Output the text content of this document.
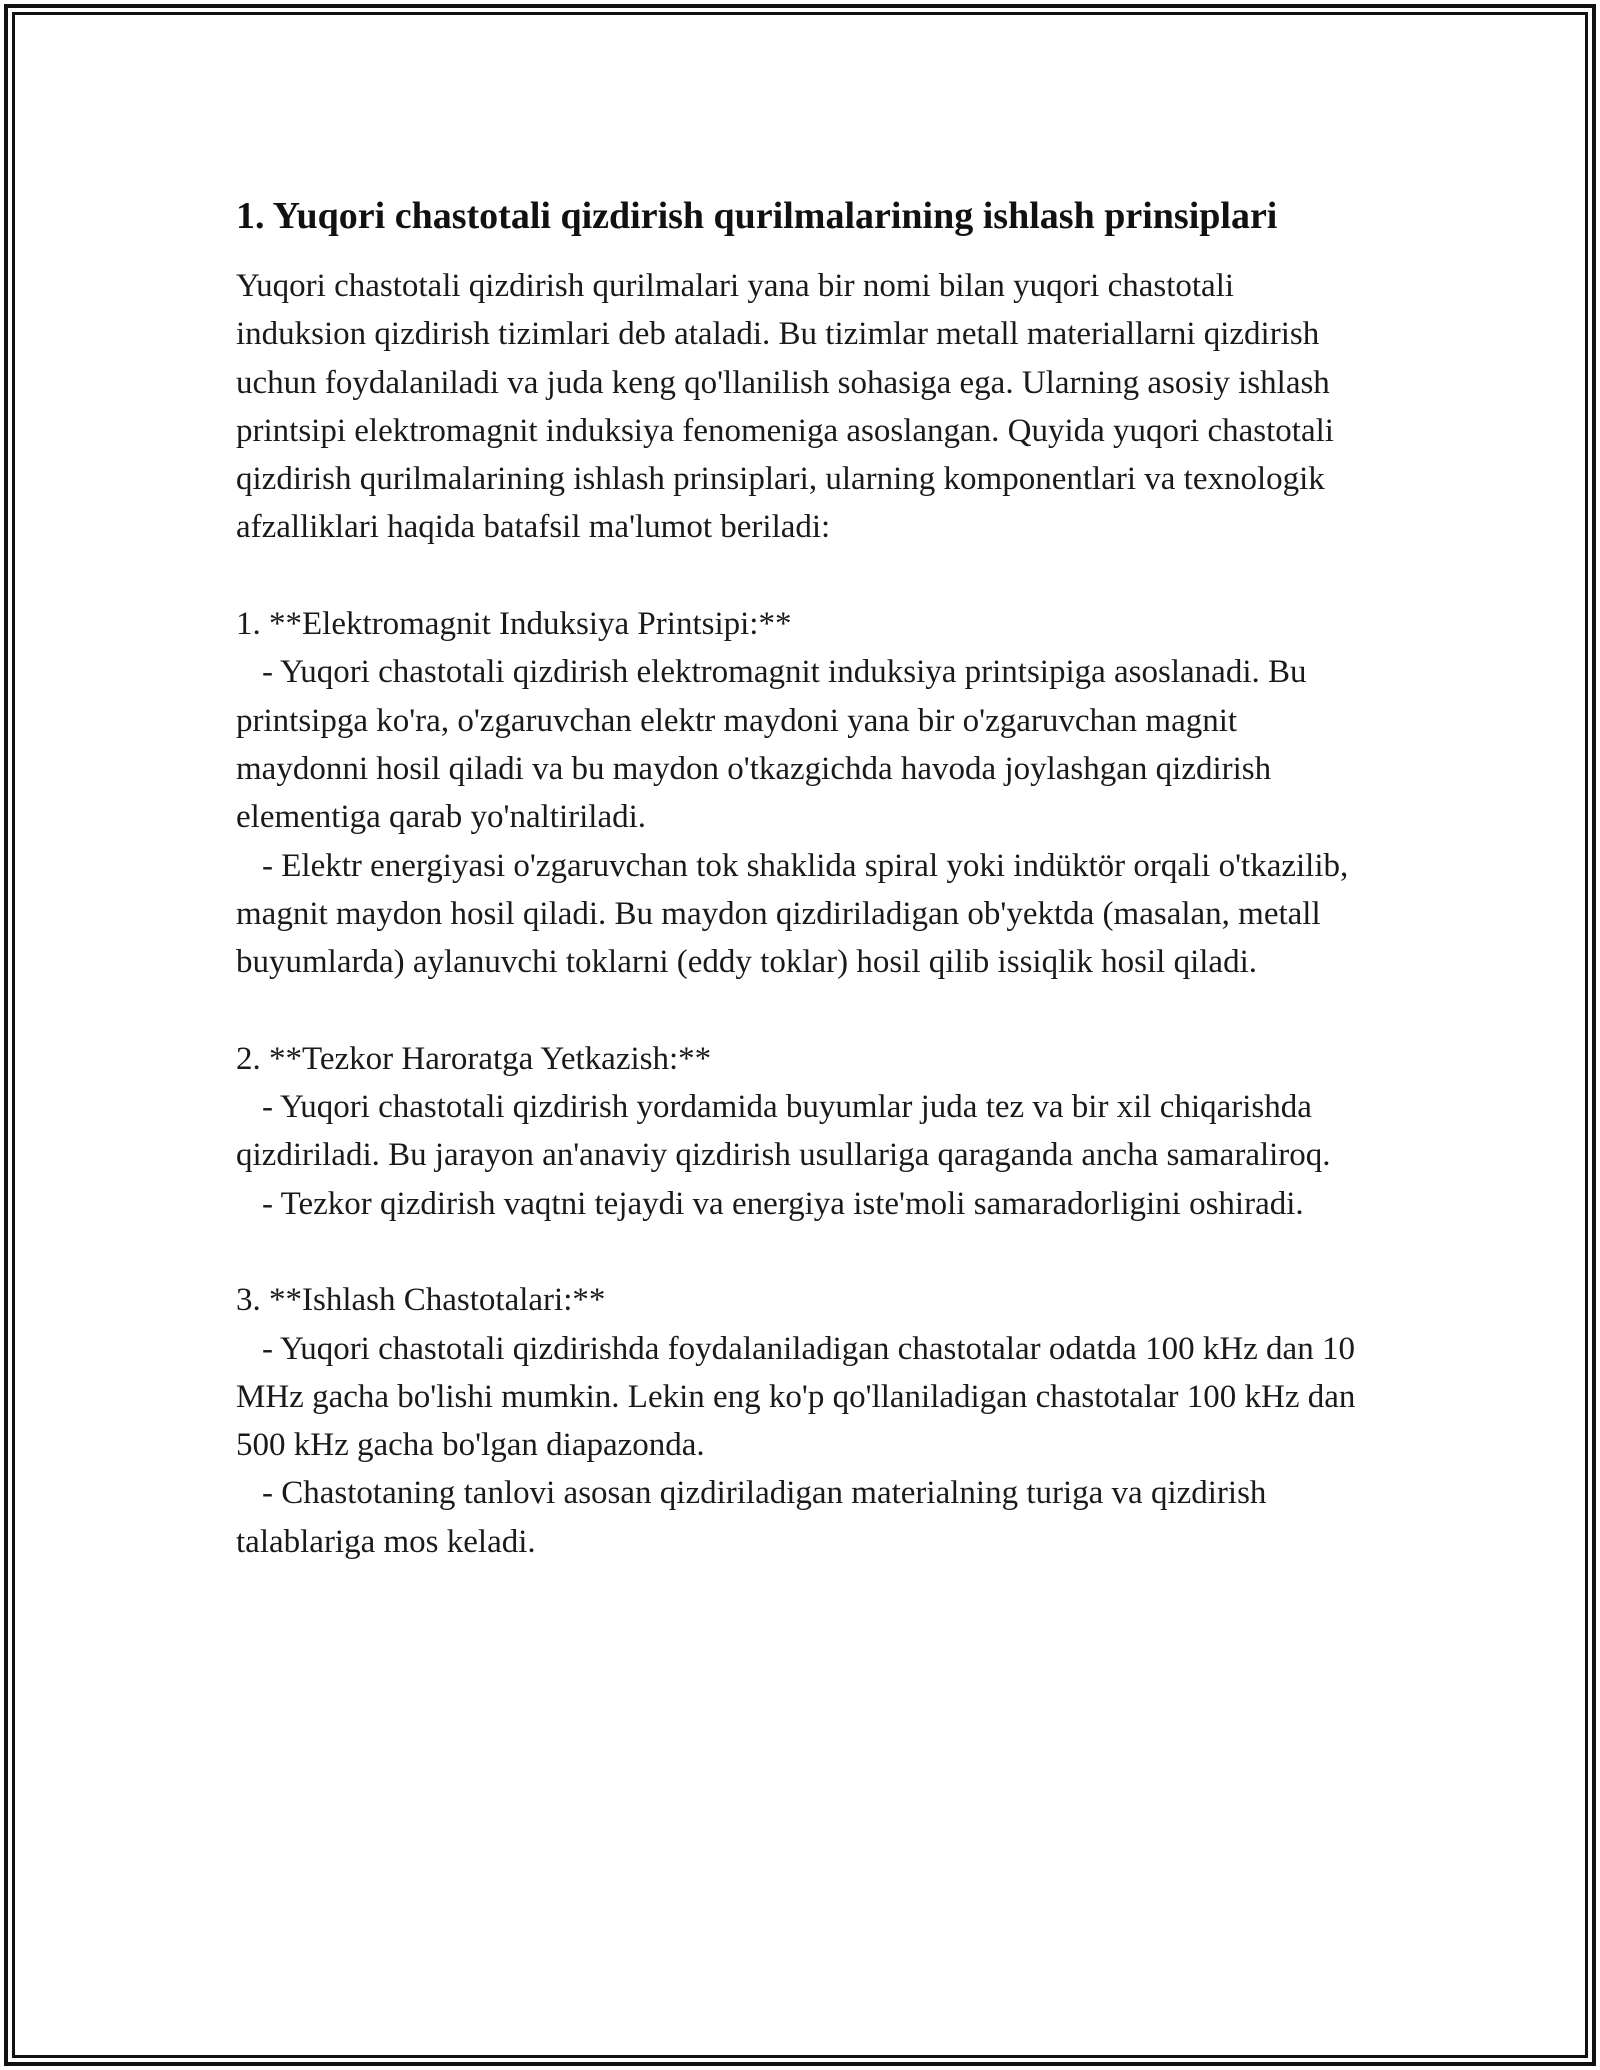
1. Yuqori chastotali qizdirish qurilmalarining ishlash prinsiplari

Yuqori chastotali qizdirish qurilmalari yana bir nomi bilan yuqori chastotali induksion qizdirish tizimlari deb ataladi. Bu tizimlar metall materiallarni qizdirish uchun foydalaniladi va juda keng qo'llanilish sohasiga ega. Ularning asosiy ishlash printsipi elektromagnit induksiya fenomeniga asoslangan. Quyida yuqori chastotali qizdirish qurilmalarining ishlash prinsiplari, ularning komponentlari va texnologik afzalliklari haqida batafsil ma'lumot beriladi:

1. **Elektromagnit Induksiya Printsipi:**

- Yuqori chastotali qizdirish elektromagnit induksiya printsipiga asoslanadi. Bu printsipga ko'ra, o'zgaruvchan elektr maydoni yana bir o'zgaruvchan magnit maydonni hosil qiladi va bu maydon o'tkazgichda havoda joylashgan qizdirish elementiga qarab yo'naltiriladi.

- Elektr energiyasi o'zgaruvchan tok shaklida spiral yoki indüktör orqali o'tkazilib, magnit maydon hosil qiladi. Bu maydon qizdiriladigan ob'yektda (masalan, metall buyumlarda) aylanuvchi toklarni (eddy toklar) hosil qilib issiqlik hosil qiladi.

2. **Tezkor Haroratga Yetkazish:**

- Yuqori chastotali qizdirish yordamida buyumlar juda tez va bir xil chiqarishda qizdiriladi. Bu jarayon an'anaviy qizdirish usullariga qaraganda ancha samaraliroq.

- Tezkor qizdirish vaqtni tejaydi va energiya iste'moli samaradorligini oshiradi.

3. **Ishlash Chastotalari:**

- Yuqori chastotali qizdirishda foydalaniladigan chastotalar odatda 100 kHz dan 10 MHz gacha bo'lishi mumkin. Lekin eng ko'p qo'llaniladigan chastotalar 100 kHz dan 500 kHz gacha bo'lgan diapazonda.

- Chastotaning tanlovi asosan qizdiriladigan materialning turiga va qizdirish talablariga mos keladi.
